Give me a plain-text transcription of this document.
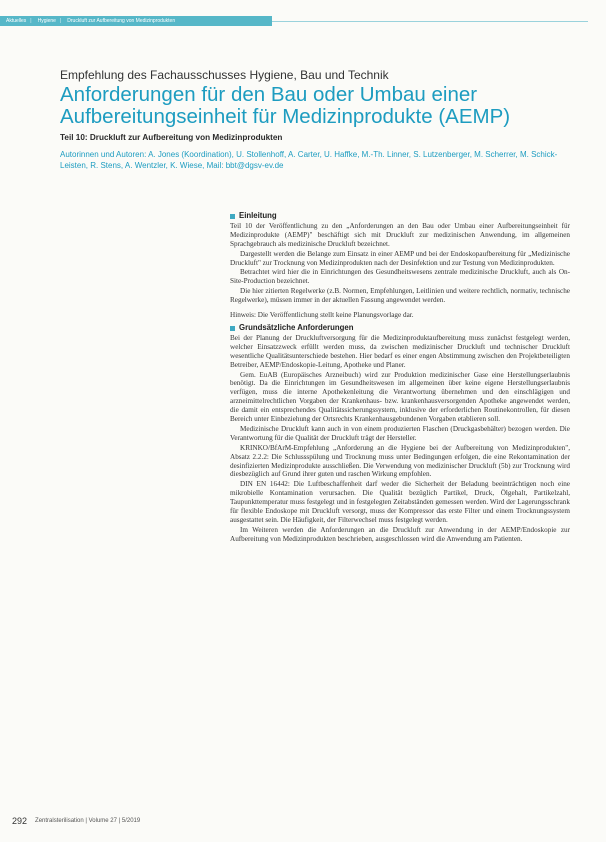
Aktuelles | Hygiene | Druckluft zur Aufbereitung von Medizinprodukten
Empfehlung des Fachausschusses Hygiene, Bau und Technik
Anforderungen für den Bau oder Umbau einer Aufbereitungseinheit für Medizinprodukte (AEMP)
Teil 10: Druckluft zur Aufbereitung von Medizinprodukten
Autorinnen und Autoren: A. Jones (Koordination), U. Stollenhoff, A. Carter, U. Haffke, M.-Th. Linner, S. Lutzenberger, M. Scherrer, M. Schick-Leisten, R. Stens, A. Wentzler, K. Wiese, Mail: bbt@dgsv-ev.de
Einleitung

Teil 10 der Veröffentlichung zu den „Anforderungen an den Bau oder Umbau einer Aufbereitungseinheit für Medizinprodukte (AEMP)" beschäftigt sich mit Druckluft zur medizinischen Anwendung, im allgemeinen Sprachgebrauch als medizinische Druckluft bezeichnet.

Dargestellt werden die Belange zum Einsatz in einer AEMP und bei der Endoskopaufbereitung für „Medizinische Druckluft" zur Trocknung von Medizinprodukten nach der Desinfektion und zur Testung von Medizinprodukten.

Betrachtet wird hier die in Einrichtungen des Gesundheitswesens zentrale medizinische Druckluft, auch als On-Site-Production bezeichnet.

Die hier zitierten Regelwerke (z.B. Normen, Empfehlungen, Leitlinien und weitere rechtlich, normativ, technische Regelwerke), müssen immer in der aktuellen Fassung angewendet werden.

Hinweis: Die Veröffentlichung stellt keine Planungsvorlage dar.

Grundsätzliche Anforderungen

Bei der Planung der Druckluftversorgung für die Medizinproduktaufbereitung muss zunächst festgelegt werden, welcher Einsatzzweck erfüllt werden muss, da zwischen medizinischer Druckluft und technischer Druckluft wesentliche Qualitätsunterschiede bestehen. Hier bedarf es einer engen Abstimmung zwischen den Projektbeteiligten Betreiber, AEMP/Endoskopie-Leitung, Apotheke und Planer.

Gem. EuAB (Europäisches Arzneibuch) wird zur Produktion medizinischer Gase eine Herstellungserlaubnis benötigt. Da die Einrichtungen im Gesundheitswesen im allgemeinen über keine eigene Herstellungserlaubnis verfügen, muss die interne Apothekenleitung die Verantwortung übernehmen und den einschlägigen und arzneimittelrechtlichen Vorgaben der Krankenhaus- bzw. krankenhausversorgenden Apotheke angewendet werden, die damit ein entsprechendes Qualitätssicherungssystem, inklusive der erforderlichen Routinekontrollen, für diesen Bereich unter Einbeziehung der Ortsrechts Krankenhausgebundenen Vorgaben etablieren soll.

Medizinische Druckluft kann auch in von einem produzierten Flaschen (Druckgasbehälter) bezogen werden. Die Verantwortung für die Qualität der Druckluft trägt der Hersteller.

KRINKO/BfArM-Empfehlung „Anforderung an die Hygiene bei der Aufbereitung von Medizinprodukten", Absatz 2.2.2: Die Schlussspülung und Trocknung muss unter Bedingungen erfolgen, die eine Rekontamination der desinfizierten Medizinprodukte ausschließen. Die Verwendung von medizinischer Druckluft (5b) zur Trocknung wird diesbezüglich auf Grund ihrer guten und raschen Wirkung empfohlen.

DIN EN 16442: Die Luftbeschaffenheit darf weder die Sicherheit der Beladung beeinträchtigen noch eine mikrobielle Kontamination verursachen. Die Qualität bezüglich Partikel, Druck, Ölgehalt, Partikelzahl, Taupunkttemperatur muss festgelegt und in festgelegten Zeitabständen gemessen werden. Wird der Lagerungsschrank für flexible Endoskope mit Druckluft versorgt, muss der Kompressor das erste Filter und einem Trocknungssystem ausgestattet sein. Die Häufigkeit, der Filterwechsel muss festgelegt werden.

Im Weiteren werden die Anforderungen an die Druckluft zur Anwendung in der AEMP/Endoskopie zur Aufbereitung von Medizinprodukten beschrieben, ausgeschlossen wird die Anwendung am Patienten.

292 Zentralsterilisation | Volume 27 | 5/2019
